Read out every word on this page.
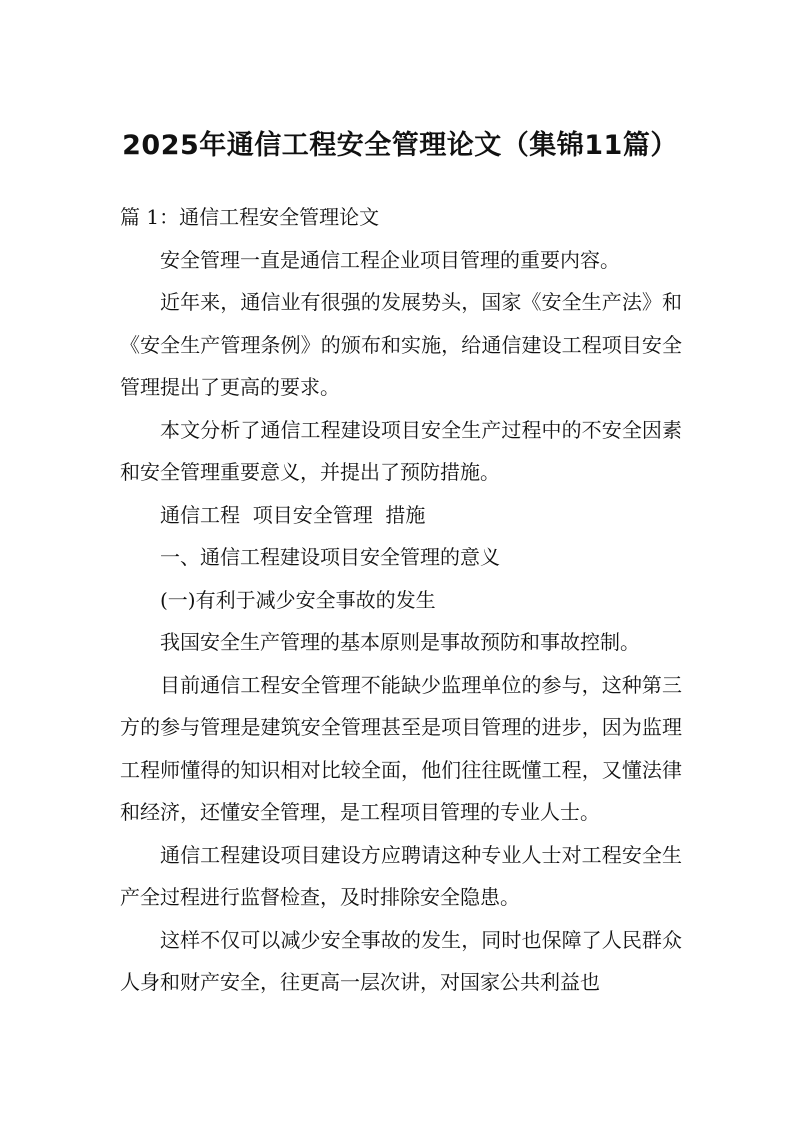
2025年通信工程安全管理论文（集锦11篇）

篇 1：通信工程安全管理论文

安全管理一直是通信工程企业项目管理的重要内容。

近年来，通信业有很强的发展势头，国家《安全生产法》和《安全生产管理条例》的颁布和实施，给通信建设工程项目安全管理提出了更高的要求。

本文分析了通信工程建设项目安全生产过程中的不安全因素和安全管理重要意义，并提出了预防措施。

通信工程  项目安全管理  措施

一、通信工程建设项目安全管理的意义

(一)有利于减少安全事故的发生

我国安全生产管理的基本原则是事故预防和事故控制。

目前通信工程安全管理不能缺少监理单位的参与，这种第三方的参与管理是建筑安全管理甚至是项目管理的进步，因为监理工程师懂得的知识相对比较全面，他们往往既懂工程，又懂法律和经济，还懂安全管理，是工程项目管理的专业人士。

通信工程建设项目建设方应聘请这种专业人士对工程安全生产全过程进行监督检查，及时排除安全隐患。

这样不仅可以减少安全事故的发生，同时也保障了人民群众人身和财产安全，往更高一层次讲，对国家公共利益也
